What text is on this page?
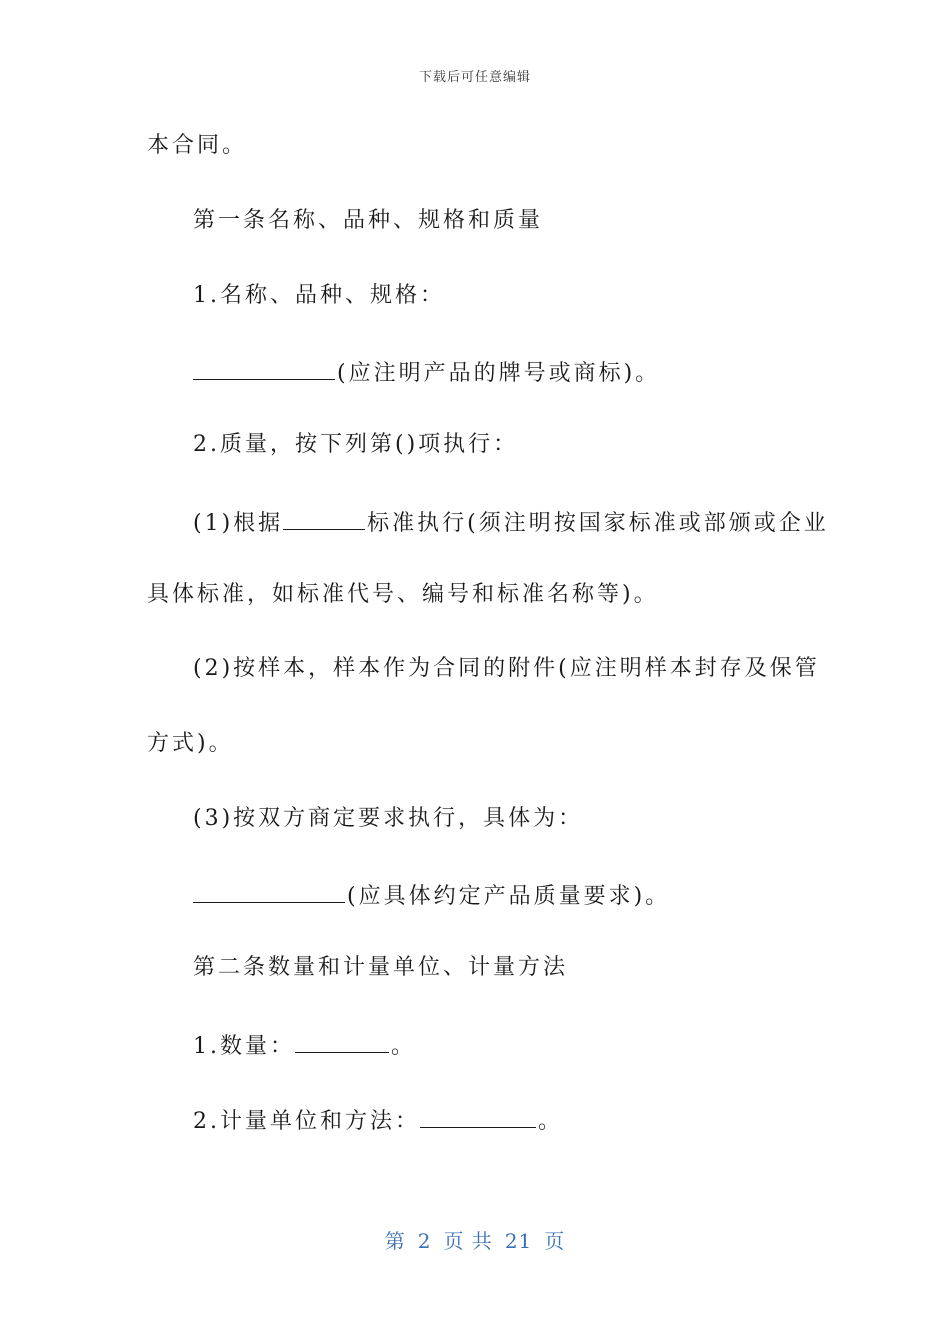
下载后可任意编辑
本合同。
第一条名称、品种、规格和质量
1.名称、品种、规格：
(应注明产品的牌号或商标)。
2.质量，按下列第()项执行：
(1)根据	标准执行(须注明按国家标准或部颁或企业
具体标准，如标准代号、编号和标准名称等)。
(2)按样本，样本作为合同的附件(应注明样本封存及保管
方式)。
(3)按双方商定要求执行，具体为：
(应具体约定产品质量要求)。
第二条数量和计量单位、计量方法
1.数量：	。
2.计量单位和方法：	。
第 2 页 共 21 页
